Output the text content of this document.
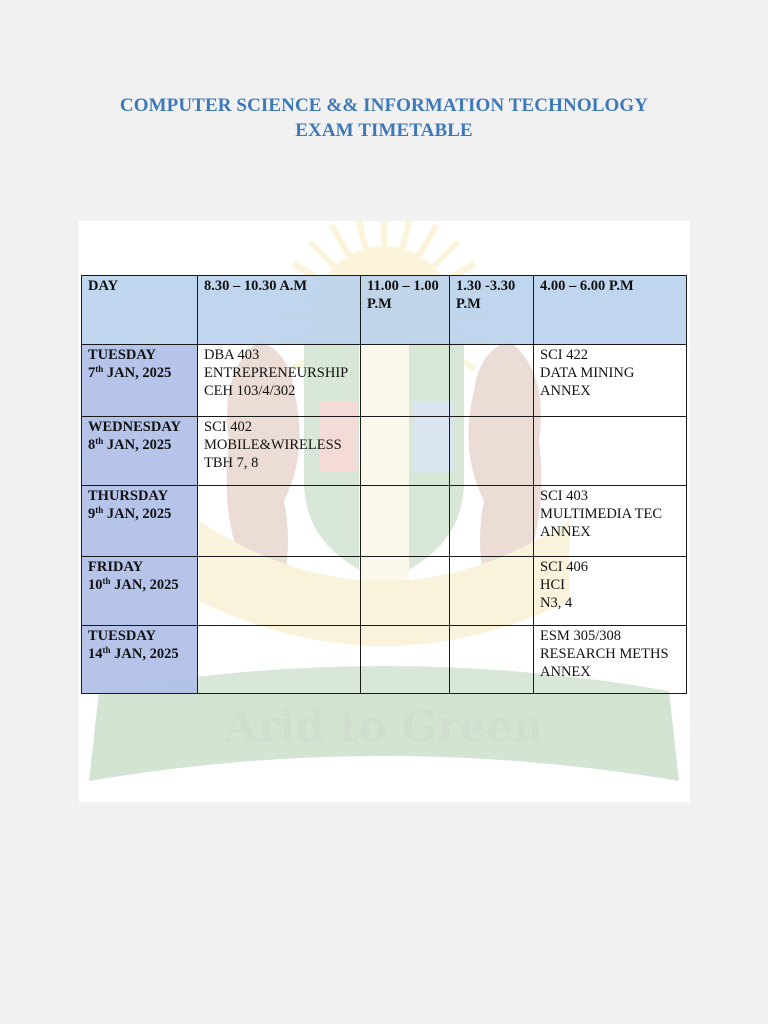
COMPUTER SCIENCE && INFORMATION TECHNOLOGY
EXAM TIMETABLE
Arid to Green
DAY	8.30 – 10.30 A.M	11.00 – 1.00 P.M	1.30 -3.30 P.M	4.00 – 6.00 P.M

TUESDAY
7th JAN, 2025	DBA 403
ENTREPRENEURSHIP
CEH 103/4/302			SCI 422
DATA MINING
ANNEX

WEDNESDAY
8th JAN, 2025	SCI 402
MOBILE&WIRELESS
TBH 7, 8			

THURSDAY
9th JAN, 2025				SCI 403
MULTIMEDIA TEC
ANNEX

FRIDAY
10th JAN, 2025				SCI 406
HCI
N3, 4

TUESDAY
14th JAN, 2025				ESM 305/308
RESEARCH METHS
ANNEX
